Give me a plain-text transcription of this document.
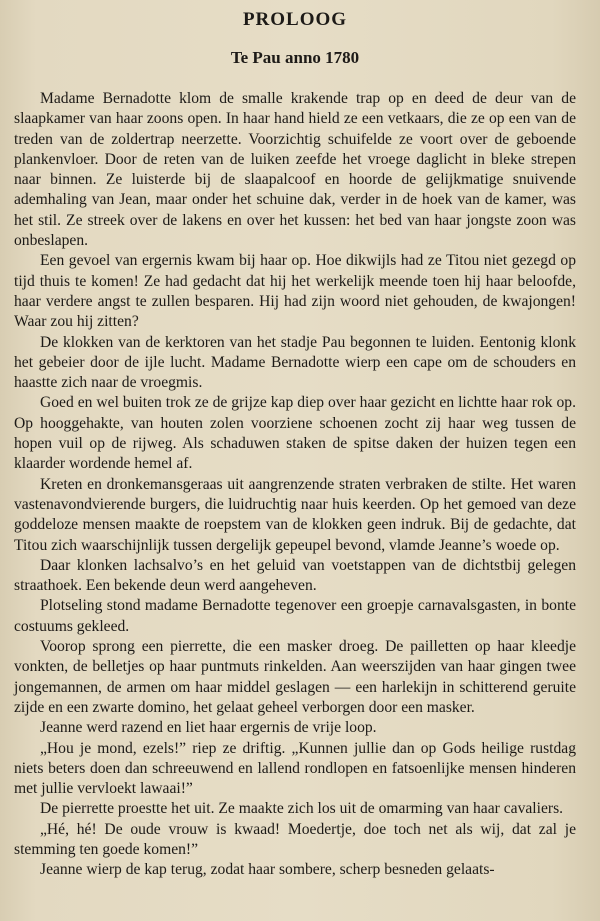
PROLOOG
Te Pau anno 1780

Madame Bernadotte klom de smalle krakende trap op en deed de deur van de slaapkamer van haar zoons open. In haar hand hield ze een vetkaars, die ze op een van de treden van de zoldertrap neerzette. Voorzichtig schuifelde ze voort over de geboende plankenvloer. Door de reten van de luiken zeefde het vroege daglicht in bleke strepen naar binnen. Ze luisterde bij de slaapalcoof en hoorde de gelijkmatige snuivende ademhaling van Jean, maar onder het schuine dak, verder in de hoek van de kamer, was het stil. Ze streek over de lakens en over het kussen: het bed van haar jongste zoon was onbeslapen.

Een gevoel van ergernis kwam bij haar op. Hoe dikwijls had ze Titou niet gezegd op tijd thuis te komen! Ze had gedacht dat hij het werkelijk meende toen hij haar beloofde, haar verdere angst te zullen besparen. Hij had zijn woord niet gehouden, de kwajongen! Waar zou hij zitten?

De klokken van de kerktoren van het stadje Pau begonnen te luiden. Eentonig klonk het gebeier door de ijle lucht. Madame Bernadotte wierp een cape om de schouders en haastte zich naar de vroegmis.

Goed en wel buiten trok ze de grijze kap diep over haar gezicht en lichtte haar rok op. Op hooggehakte, van houten zolen voorziene schoenen zocht zij haar weg tussen de hopen vuil op de rijweg. Als schaduwen staken de spitse daken der huizen tegen een klaarder wordende hemel af.

Kreten en dronkemansgeraas uit aangrenzende straten verbraken de stilte. Het waren vastenavondvierende burgers, die luidruchtig naar huis keerden. Op het gemoed van deze goddeloze mensen maakte de roepstem van de klokken geen indruk. Bij de gedachte, dat Titou zich waarschijnlijk tussen dergelijk gepeupel bevond, vlamde Jeanne’s woede op.

Daar klonken lachsalvo’s en het geluid van voetstappen van de dichtstbij gelegen straathoek. Een bekende deun werd aangeheven.

Plotseling stond madame Bernadotte tegenover een groepje carnavalsgasten, in bonte costuums gekleed.

Voorop sprong een pierrette, die een masker droeg. De pailletten op haar kleedje vonkten, de belletjes op haar puntmuts rinkelden. Aan weerszijden van haar gingen twee jongemannen, de armen om haar middel geslagen — een harlekijn in schitterend geruite zijde en een zwarte domino, het gelaat geheel verborgen door een masker.

Jeanne werd razend en liet haar ergernis de vrije loop.

„Hou je mond, ezels!” riep ze driftig. „Kunnen jullie dan op Gods heilige rustdag niets beters doen dan schreeuwend en lallend rondlopen en fatsoenlijke mensen hinderen met jullie vervloekt lawaai!”

De pierrette proestte het uit. Ze maakte zich los uit de omarming van haar cavaliers.

„Hé, hé! De oude vrouw is kwaad! Moedertje, doe toch net als wij, dat zal je stemming ten goede komen!”

Jeanne wierp de kap terug, zodat haar sombere, scherp besneden gelaats-
